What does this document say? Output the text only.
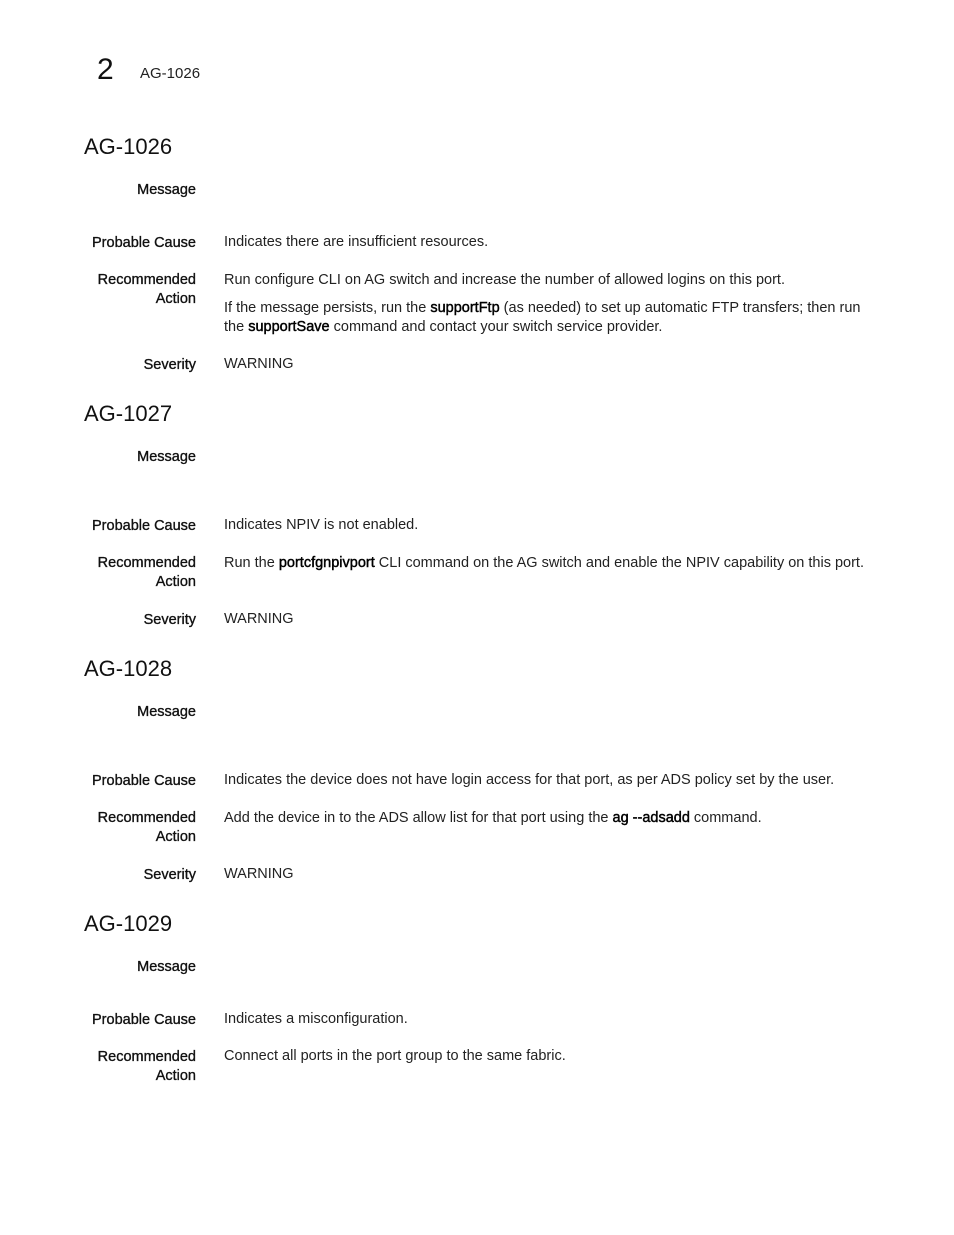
2 AG-1026
AG-1026
Message
Probable Cause Indicates there are insufficient resources.
Recommended
Action
Run configure CLI on AG switch and increase the number of allowed logins on this port.
If the message persists, run the supportFtp (as needed) to set up automatic FTP transfers; then run the supportSave command and contact your switch service provider.
Severity WARNING
AG-1027
Message
Probable Cause Indicates NPIV is not enabled.
Recommended
Action
Run the portcfgnpivport CLI command on the AG switch and enable the NPIV capability on this port.
Severity WARNING
AG-1028
Message
Probable Cause Indicates the device does not have login access for that port, as per ADS policy set by the user.
Recommended
Action
Add the device in to the ADS allow list for that port using the ag --adsadd command.
Severity WARNING
AG-1029
Message
Probable Cause Indicates a misconfiguration.
Recommended
Action
Connect all ports in the port group to the same fabric.
